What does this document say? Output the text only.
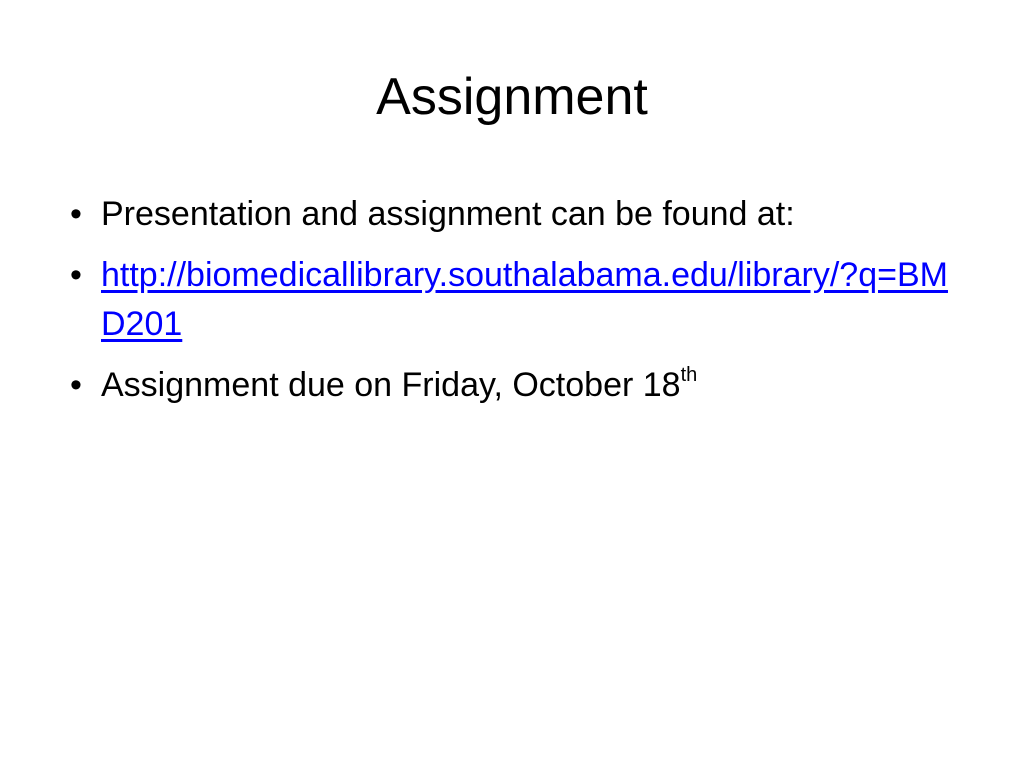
Assignment
• Presentation and assignment can be found at:
• http://biomedicallibrary.southalabama.edu/library/?q=BMD201
• Assignment due on Friday, October 18th
